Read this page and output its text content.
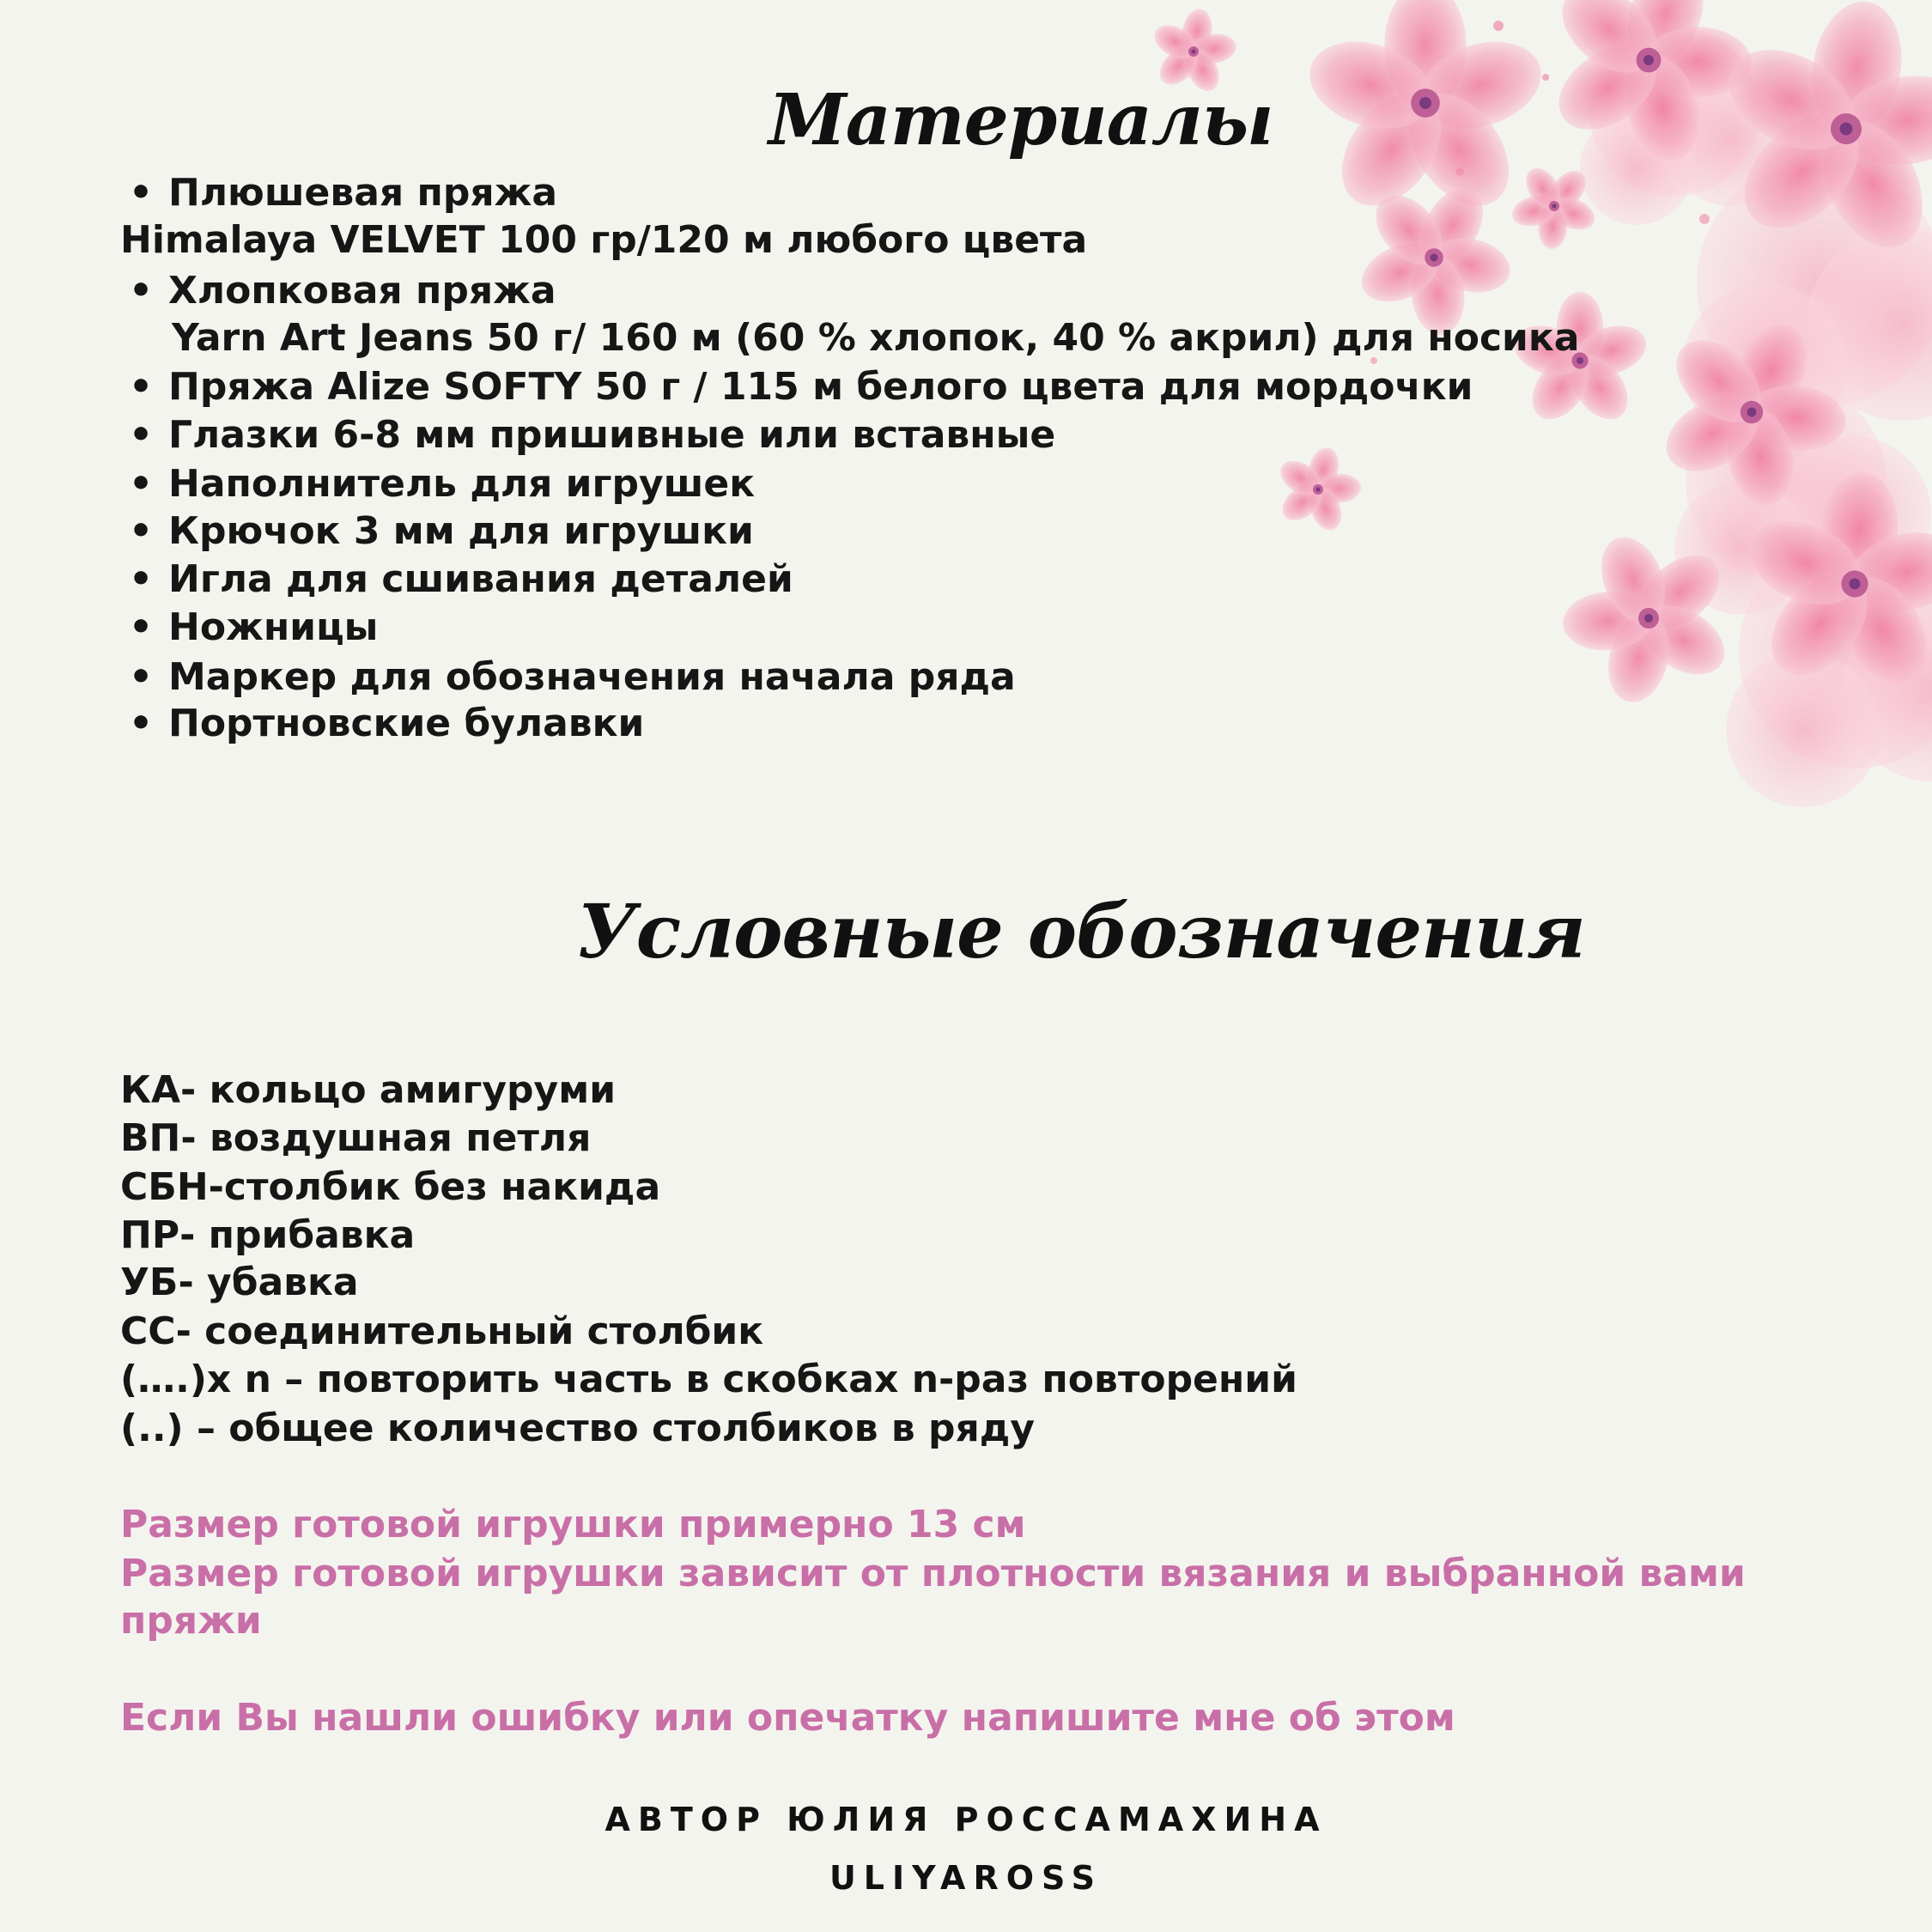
Материалы
• Плюшевая пряжа
Himalaya VELVET 100 гр/120 м любого цвета
• Хлопковая пряжа
Yarn Art Jeans 50 г/ 160 м (60 % хлопок, 40 % акрил) для носика
• Пряжа Alize SOFTY 50 г / 115 м белого цвета для мордочки
• Глазки 6-8 мм пришивные или вставные
• Наполнитель для игрушек
• Крючок 3 мм для игрушки
• Игла для сшивания деталей
• Ножницы
• Маркер для обозначения начала ряда
• Портновские булавки
Условные обозначения
КА- кольцо амигуруми
ВП- воздушная петля
СБН-столбик без накида
ПР- прибавка
УБ- убавка
СС- соединительный столбик
(….)х n – повторить часть в скобках n-раз повторений
(..) – общее количество столбиков в ряду
Размер готовой игрушки примерно 13 см
Размер готовой игрушки зависит от плотности вязания и выбранной вами
пряжи
Если Вы нашли ошибку или опечатку напишите мне об этом
АВТОР ЮЛИЯ РОССАМАХИНА
ULIYAROSS
